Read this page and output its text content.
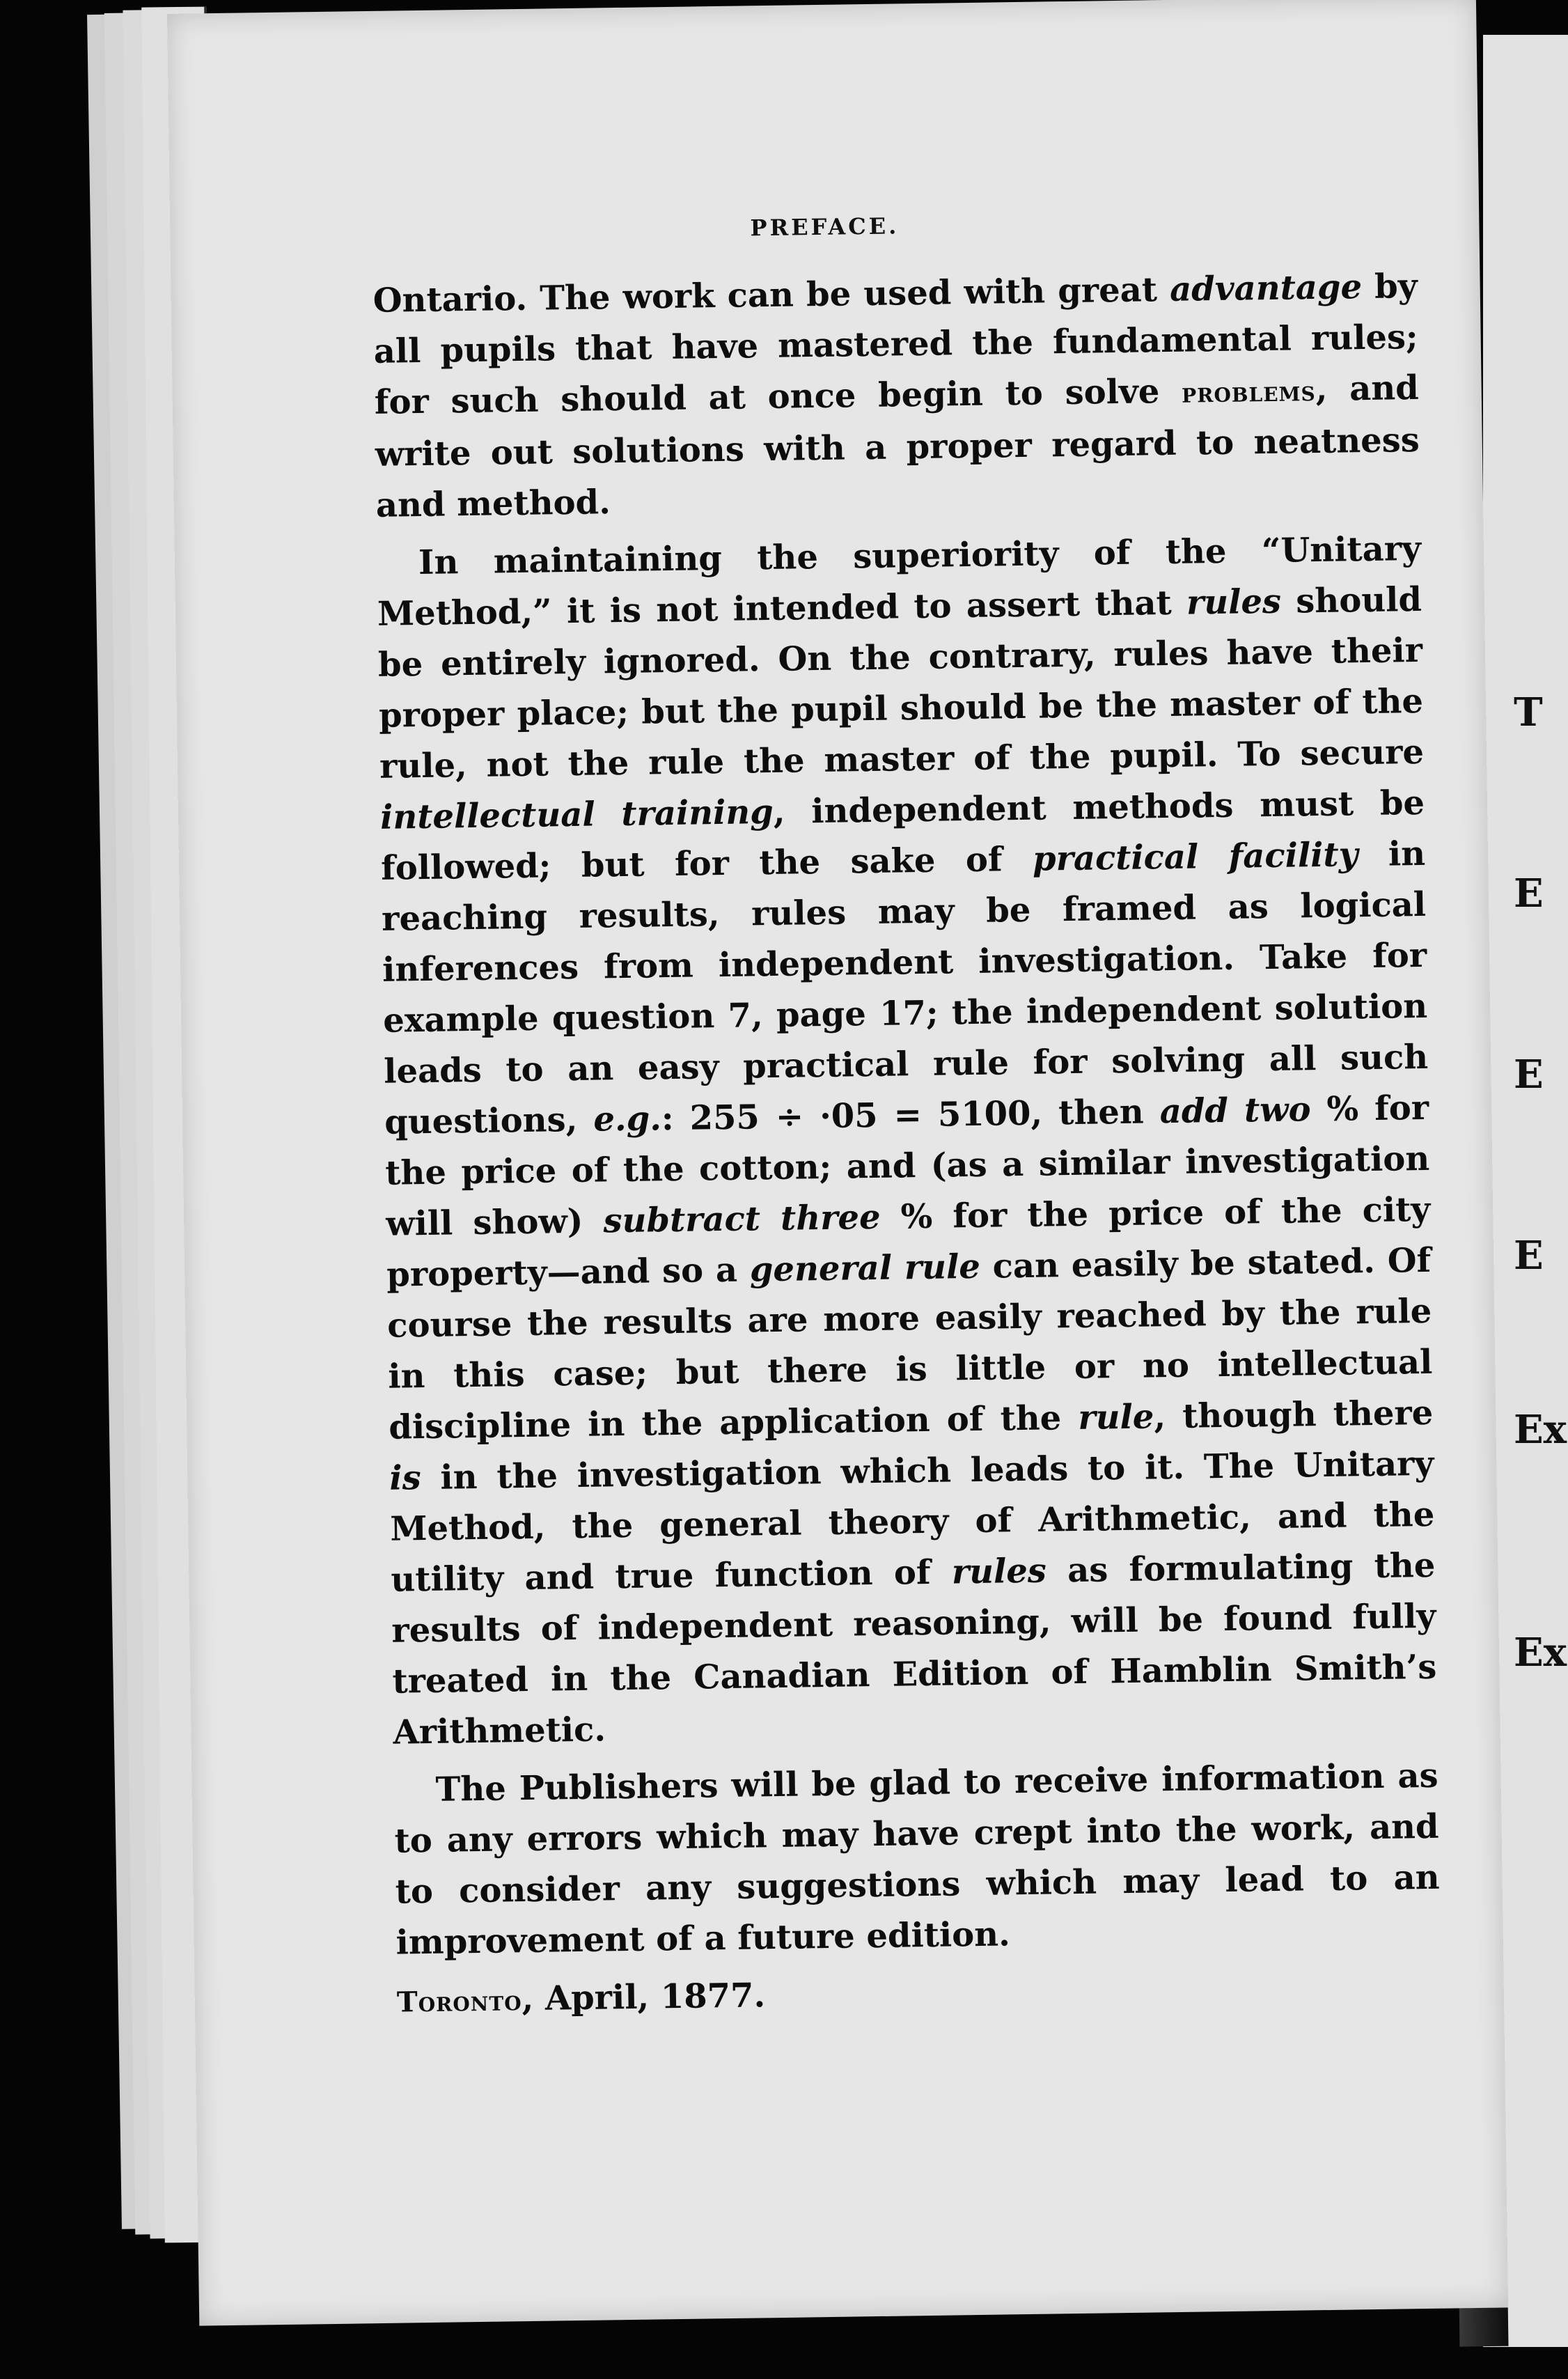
T
E
E
E
Ex
Ex
PREFACE.

Ontario. The work can be used with great advantage by all pupils that have mastered the fundamental rules; for such should at once begin to solve problems, and write out solutions with a proper regard to neatness and method.

In maintaining the superiority of the “Unitary Method,” it is not intended to assert that rules should be entirely ignored. On the contrary, rules have their proper place; but the pupil should be the master of the rule, not the rule the master of the pupil. To secure intellectual training, independent methods must be followed; but for the sake of practical facility in reaching results, rules may be framed as logical inferences from independent investigation. Take for example question 7, page 17; the independent solution leads to an easy practical rule for solving all such questions, e.g.: 255 ÷ ·05 = 5100, then add two % for the price of the cotton; and (as a similar investigation will show) subtract three % for the price of the city property—and so a general rule can easily be stated. Of course the results are more easily reached by the rule in this case; but there is little or no intellectual discipline in the application of the rule, though there is in the investigation which leads to it. The Unitary Method, the general theory of Arithmetic, and the utility and true function of rules as formulating the results of independent reasoning, will be found fully treated in the Canadian Edition of Hamblin Smith’s Arithmetic.

The Publishers will be glad to receive information as to any errors which may have crept into the work, and to consider any suggestions which may lead to an improvement of a future edition.

Toronto, April, 1877.
